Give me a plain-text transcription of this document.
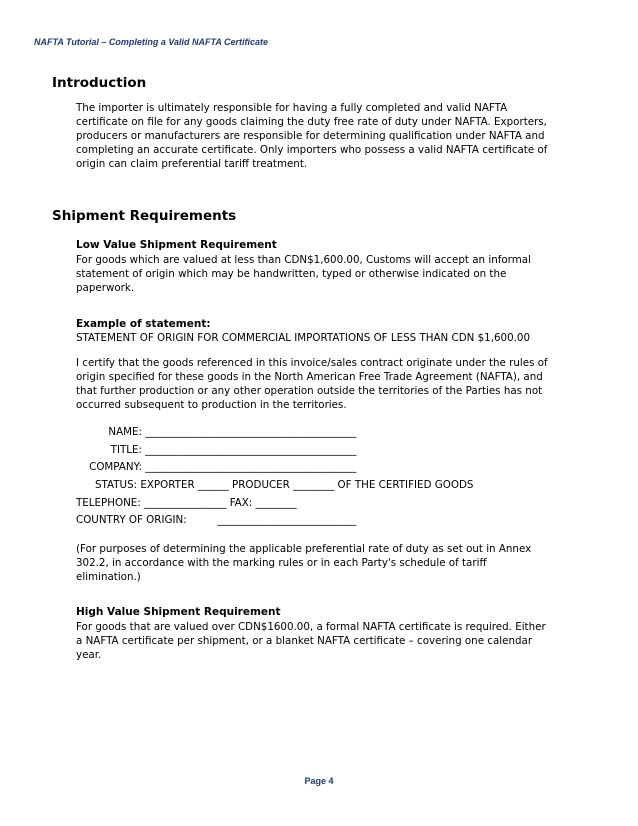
NAFTA Tutorial – Completing a Valid NAFTA Certificate
Introduction
The importer is ultimately responsible for having a fully completed and valid NAFTA
certificate on file for any goods claiming the duty free rate of duty under NAFTA. Exporters,
producers or manufacturers are responsible for determining qualification under NAFTA and
completing an accurate certificate. Only importers who possess a valid NAFTA certificate of
origin can claim preferential tariff treatment.
Shipment Requirements
Low Value Shipment Requirement
For goods which are valued at less than CDN$1,600.00, Customs will accept an informal
statement of origin which may be handwritten, typed or otherwise indicated on the
paperwork.
Example of statement:
STATEMENT OF ORIGIN FOR COMMERCIAL IMPORTATIONS OF LESS THAN CDN $1,600.00
I certify that the goods referenced in this invoice/sales contract originate under the rules of
origin specified for these goods in the North American Free Trade Agreement (NAFTA), and
that further production or any other operation outside the territories of the Parties has not
occurred subsequent to production in the territories.
NAME: _________________________________________
TITLE: _________________________________________
COMPANY: _________________________________________
STATUS: EXPORTER ______ PRODUCER ________ OF THE CERTIFIED GOODS
TELEPHONE: ________________ FAX: ________
COUNTRY OF ORIGIN:	___________________________
(For purposes of determining the applicable preferential rate of duty as set out in Annex
302.2, in accordance with the marking rules or in each Party's schedule of tariff
elimination.)
High Value Shipment Requirement
For goods that are valued over CDN$1600.00, a formal NAFTA certificate is required. Either
a NAFTA certificate per shipment, or a blanket NAFTA certificate – covering one calendar
year.
Page 4
